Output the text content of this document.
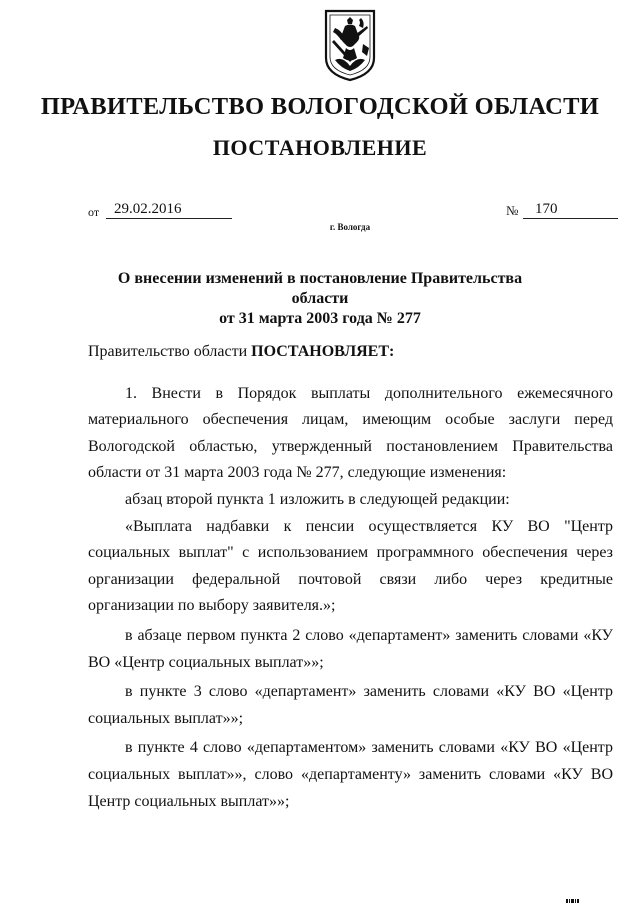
ПРАВИТЕЛЬСТВО ВОЛОГОДСКОЙ ОБЛАСТИ
ПОСТАНОВЛЕНИЕ
от 29.02.2016	№	170
г. Вологда
О внесении изменений в постановление Правительства области
от 31 марта 2003 года № 277

Правительство области ПОСТАНОВЛЯЕТ:

1. Внести в Порядок выплаты дополнительного ежемесячного материального обеспечения лицам, имеющим особые заслуги перед Вологодской областью, утвержденный постановлением Правительства области от 31 марта 2003 года № 277, следующие изменения:

абзац второй пункта 1 изложить в следующей редакции:

«Выплата надбавки к пенсии осуществляется КУ ВО "Центр социальных выплат" с использованием программного обеспечения через организации федеральной почтовой связи либо через кредитные организации по выбору заявителя.»;

в абзаце первом пункта 2 слово «департамент» заменить словами «КУ ВО «Центр социальных выплат»»;

в пункте 3 слово «департамент» заменить словами «КУ ВО «Центр социальных выплат»»;

в пункте 4 слово «департаментом» заменить словами «КУ ВО «Центр социальных выплат»», слово «департаменту» заменить словами «КУ ВО Центр социальных выплат»»;
